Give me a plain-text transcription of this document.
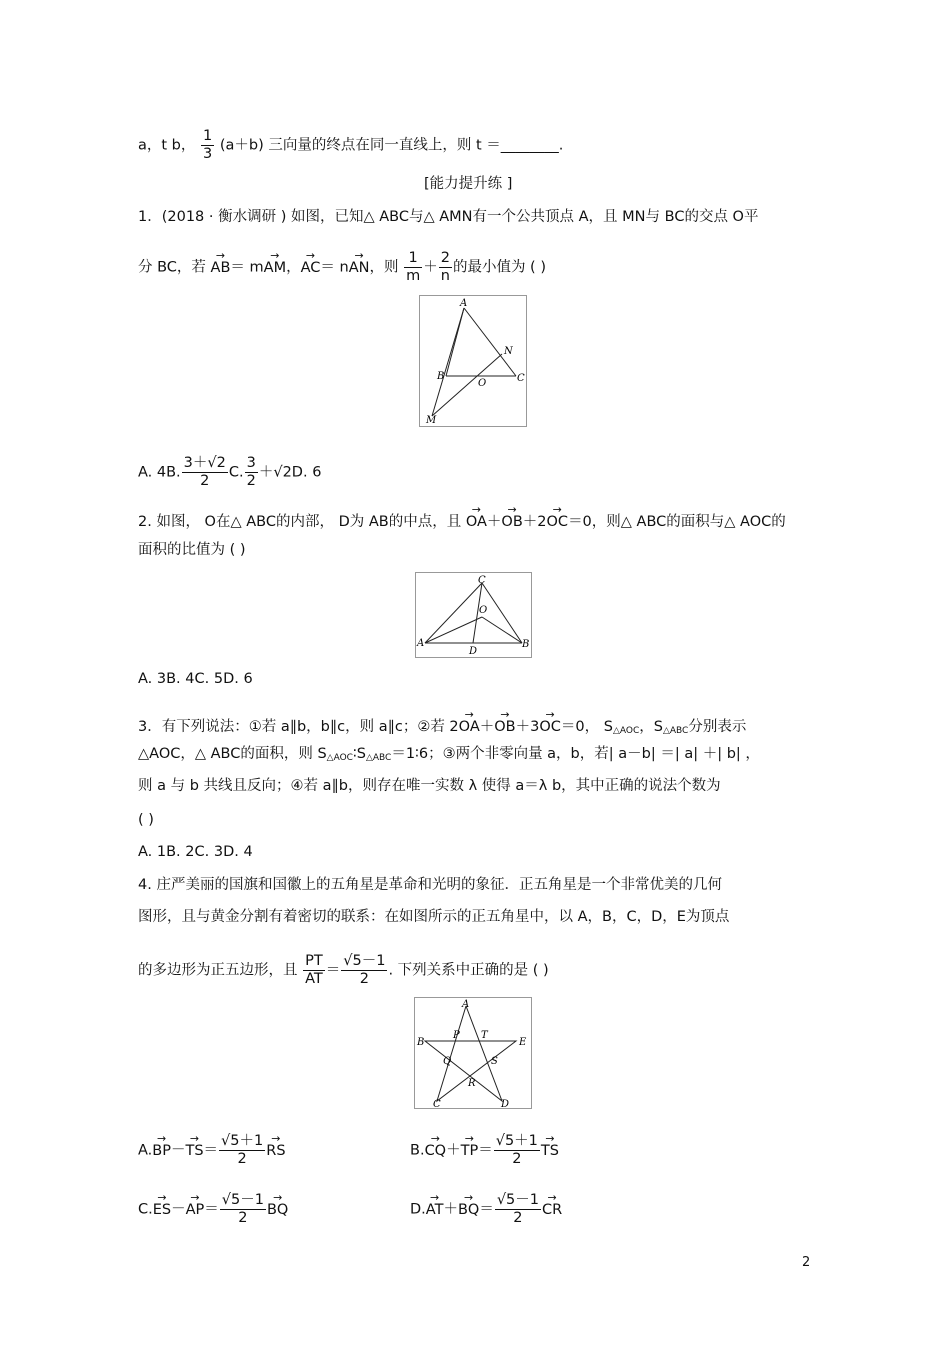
a，t b， $\frac{1}{3} (a+b)$ 三向量的终点在同一直线上，则 t ＝________.
[能力提升练 ]
1．(2018 · 衡水调研 ) 如图，已知△ ABC与△ AMN有一个公共顶点 A，且 MN与 BC的交点 O平
分 BC，若 → AB＝ m→ AM，→ AC＝ n→ AN，则 $\frac{1}{m} + \frac{2}{n}$ 的最小值为 ( )
A
B	C
O
N
M
A. 4B. $\frac{3+√2}{2} C$. $\frac{3}{2} +√2D$. 6
2. 如图， O在△ ABC的内部， D为 AB的中点，且 → OA＋→ OB＋2→ OC＝0，则△ ABC的面积与△ AOC的
面积的比值为 ( )
C
O
A	B
D
A. 3B. 4C. 5D. 6
3．有下列说法：①若 a∥b，b∥c，则 a∥c；②若 2→ OA＋→ OB＋3→ OC＝0， $S_{\triangle AOC}$，$S_{\triangle ABC}$分别表示
△AOC，△ ABC的面积，则 $S_{\triangle AOC}∶S_{\triangle ABC}=1∶6$；③两个非零向量 a，b，若| a－b| ＝| a| ＋| b| ，
则 a 与 b 共线且反向；④若 a∥b，则存在唯一实数 λ 使得 a＝λ b，其中正确的说法个数为
( )
A. 1B. 2C. 3D. 4
4. 庄严美丽的国旗和国徽上的五角星是革命和光明的象征．正五角星是一个非常优美的几何
图形，且与黄金分割有着密切的联系：在如图所示的正五角星中，以 A，B，C，D，E为顶点
的多边形为正五边形，且 $\frac{PT}{AT} = \frac{√5-1}{2}$ . 下列关系中正确的是 ( )
A
B	E
C	D
P T
Q	S
R
$A.\to BP-\to TS= \frac{√5+1}{2}$ → RS	$B.\to CQ+\to TP= \frac{√5+1}{2}$ → TS
$C.\to ES-\to AP= \frac{√5-1}{2}$ → BQ	$D.\to AT+\to BQ= \frac{√5-1}{2}$ → CR
2
